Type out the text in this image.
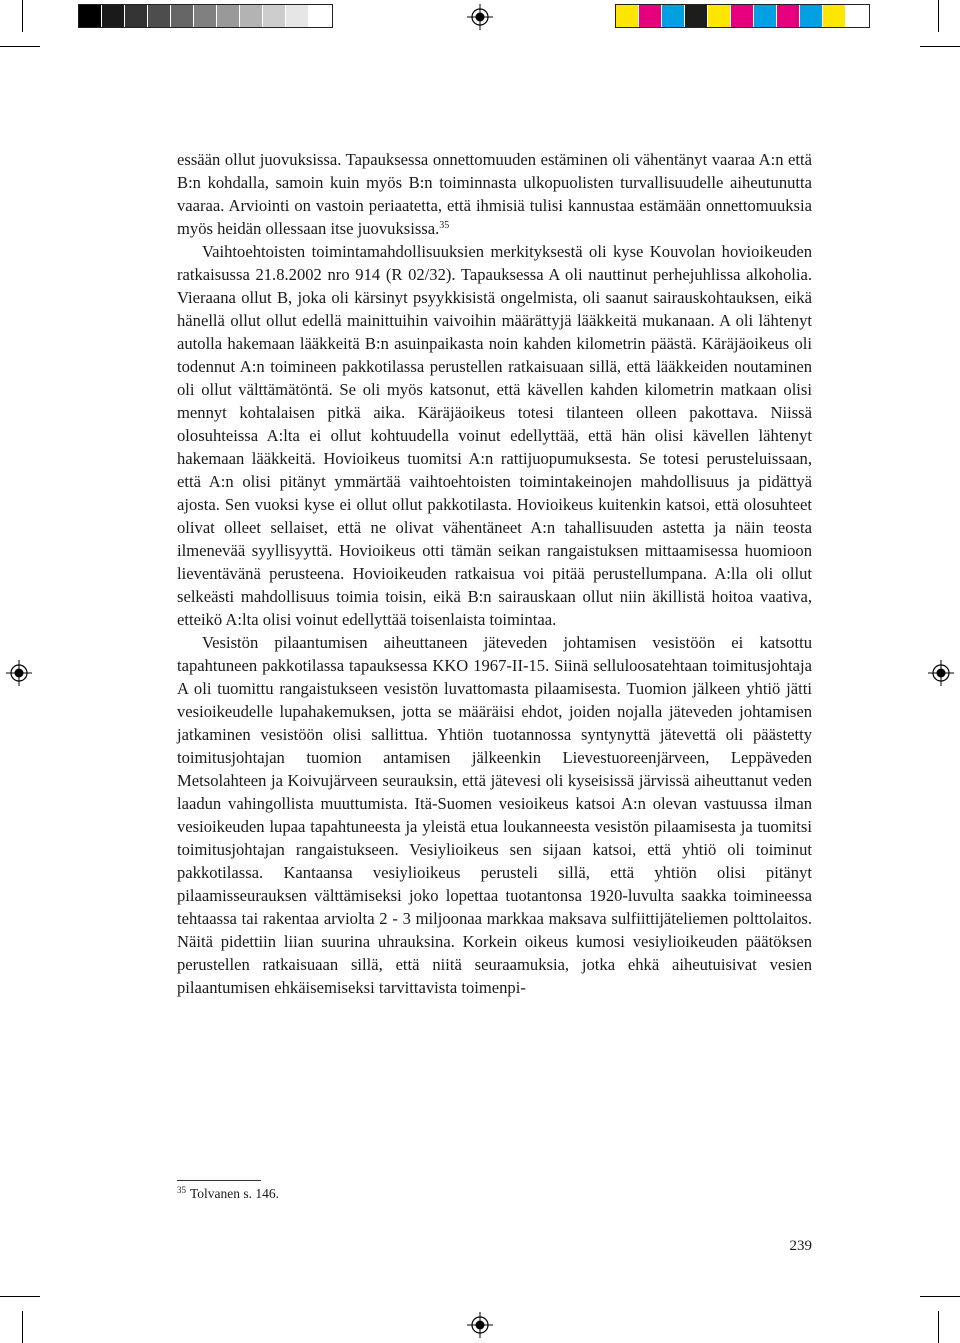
essään ollut juovuksissa. Tapauksessa onnettomuuden estäminen oli vähentänyt vaaraa A:n että B:n kohdalla, samoin kuin myös B:n toiminnasta ulkopuolisten turvallisuudelle aiheutunutta vaaraa. Arviointi on vastoin periaatetta, että ihmisiä tulisi kannustaa estämään onnettomuuksia myös heidän ollessaan itse juovuksissa.$^{35}$

Vaihtoehtoisten toimintamahdollisuuksien merkityksestä oli kyse Kouvolan hovioikeuden ratkaisussa 21.8.2002 nro 914 (R 02/32). Tapauksessa A oli nauttinut perhejuhlissa alkoholia. Vieraana ollut B, joka oli kärsinyt psyykkisistä ongelmista, oli saanut sairauskohtauksen, eikä hänellä ollut ollut edellä mainittuihin vaivoihin määrättyjä lääkkeitä mukanaan. A oli lähtenyt autolla hakemaan lääkkeitä B:n asuinpaikasta noin kahden kilometrin päästä. Käräjäoikeus oli todennut A:n toimineen pakkotilassa perustellen ratkaisuaan sillä, että lääkkeiden noutaminen oli ollut välttämätöntä. Se oli myös katsonut, että kävellen kahden kilometrin matkaan olisi mennyt kohtalaisen pitkä aika. Käräjäoikeus totesi tilanteen olleen pakottava. Niissä olosuhteissa A:lta ei ollut kohtuudella voinut edellyttää, että hän olisi kävellen lähtenyt hakemaan lääkkeitä. Hovioikeus tuomitsi A:n rattijuopumuksesta. Se totesi perusteluissaan, että A:n olisi pitänyt ymmärtää vaihtoehtoisten toimintakeinojen mahdollisuus ja pidättyä ajosta. Sen vuoksi kyse ei ollut ollut pakkotilasta. Hovioikeus kuitenkin katsoi, että olosuhteet olivat olleet sellaiset, että ne olivat vähentäneet A:n tahallisuuden astetta ja näin teosta ilmenevää syyllisyyttä. Hovioikeus otti tämän seikan rangaistuksen mittaamisessa huomioon lieventävänä perusteena. Hovioikeuden ratkaisua voi pitää perustellumpana. A:lla oli ollut selkeästi mahdollisuus toimia toisin, eikä B:n sairauskaan ollut niin äkillistä hoitoa vaativa, etteikö A:lta olisi voinut edellyttää toisenlaista toimintaa.

Vesistön pilaantumisen aiheuttaneen jäteveden johtamisen vesistöön ei katsottu tapahtuneen pakkotilassa tapauksessa KKO 1967-II-15. Siinä selluloosatehtaan toimitusjohtaja A oli tuomittu rangaistukseen vesistön luvattomasta pilaamisesta. Tuomion jälkeen yhtiö jätti vesioikeudelle lupahakemuksen, jotta se määräisi ehdot, joiden nojalla jäteveden johtamisen jatkaminen vesistöön olisi sallittua. Yhtiön tuotannossa syntynyttä jätevettä oli päästetty toimitusjohtajan tuomion antamisen jälkeenkin Lievestuoreenjärveen, Leppäveden Metsolahteen ja Koivujärveen seurauksin, että jätevesi oli kyseisissä järvissä aiheuttanut veden laadun vahingollista muuttumista. Itä-Suomen vesioikeus katsoi A:n olevan vastuussa ilman vesioikeuden lupaa tapahtuneesta ja yleistä etua loukanneesta vesistön pilaamisesta ja tuomitsi toimitusjohtajan rangaistukseen. Vesiylioikeus sen sijaan katsoi, että yhtiö oli toiminut pakkotilassa. Kantaansa vesiylioikeus perusteli sillä, että yhtiön olisi pitänyt pilaamisseurauksen välttämiseksi joko lopettaa tuotantonsa 1920-luvulta saakka toimineessa tehtaassa tai rakentaa arviolta 2 - 3 miljoonaa markkaa maksava sulfiittijäteliemen polttolaitos. Näitä pidettiin liian suurina uhrauksina. Korkein oikeus kumosi vesiylioikeuden päätöksen perustellen ratkaisuaan sillä, että niitä seuraamuksia, jotka ehkä aiheutuisivat vesien pilaantumisen ehkäisemiseksi tarvittavista toimenpi-

$^{35}$ Tolvanen s. 146.
239
